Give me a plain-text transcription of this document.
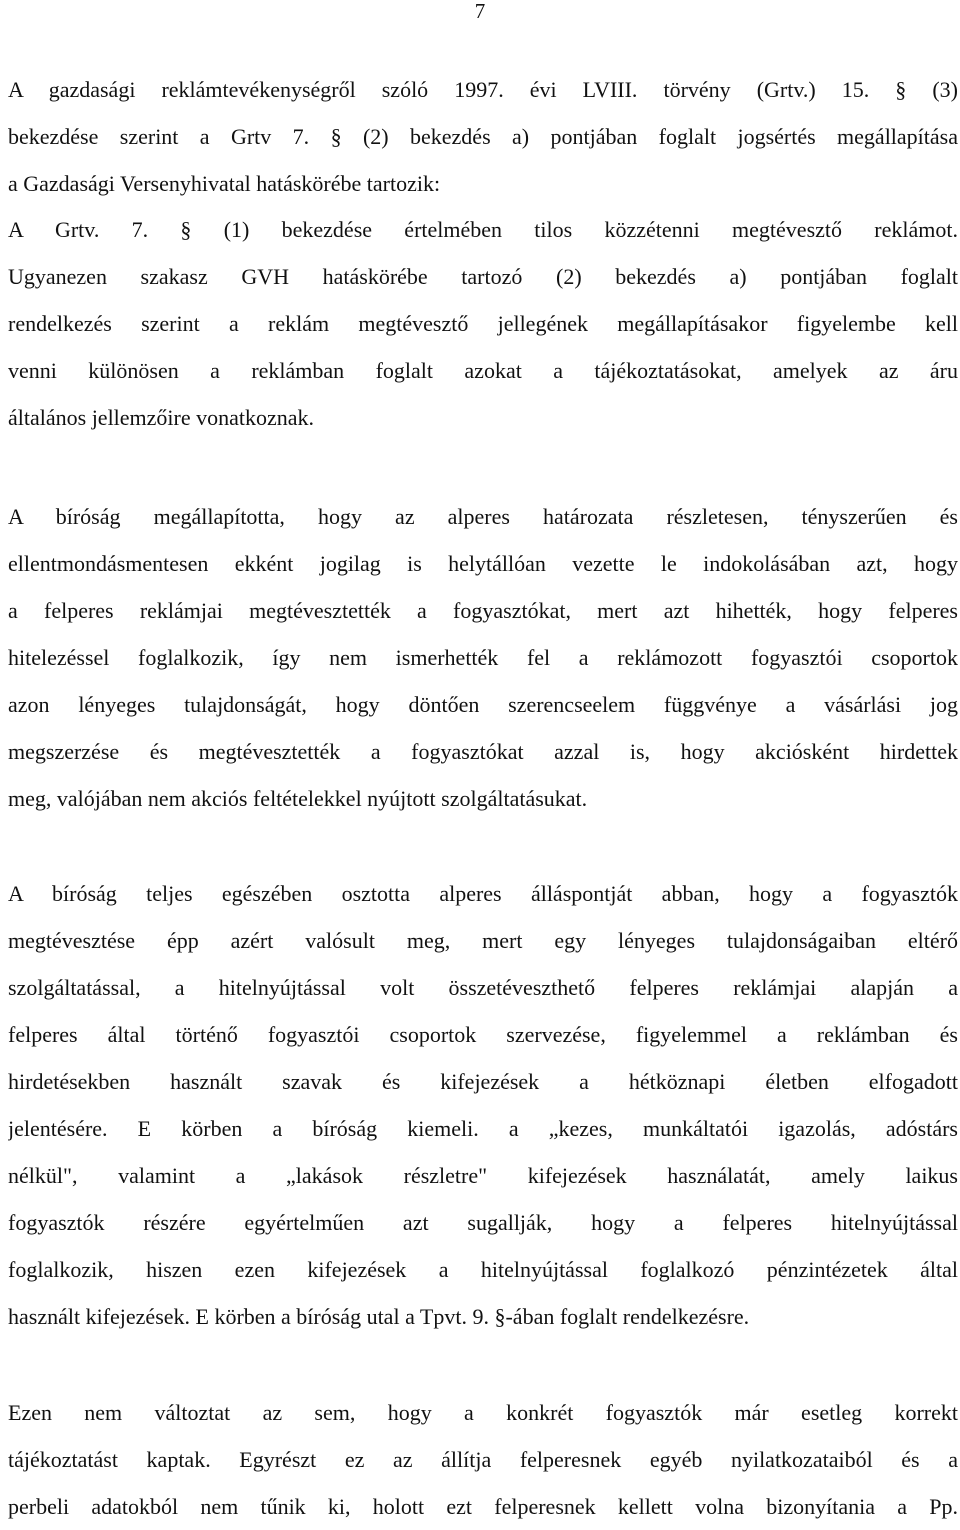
7
A gazdasági reklámtevékenységről szóló 1997. évi LVIII. törvény (Grtv.) 15. § (3)
bekezdése szerint a Grtv 7. § (2) bekezdés a) pontjában foglalt jogsértés megállapítása
a Gazdasági Versenyhivatal hatáskörébe tartozik:
A Grtv. 7. § (1) bekezdése értelmében tilos közzétenni megtévesztő reklámot.
Ugyanezen szakasz GVH hatáskörébe tartozó (2) bekezdés a) pontjában foglalt
rendelkezés szerint a reklám megtévesztő jellegének megállapításakor figyelembe kell
venni különösen a reklámban foglalt azokat a tájékoztatásokat, amelyek az áru
általános jellemzőire vonatkoznak.
A bíróság megállapította, hogy az alperes határozata részletesen, tényszerűen és
ellentmondásmentesen ekként jogilag is helytállóan vezette le indokolásában azt, hogy
a felperes reklámjai megtévesztették a fogyasztókat, mert azt hihették, hogy felperes
hitelezéssel foglalkozik, így nem ismerhették fel a reklámozott fogyasztói csoportok
azon lényeges tulajdonságát, hogy döntően szerencseelem függvénye a vásárlási jog
megszerzése és megtévesztették a fogyasztókat azzal is, hogy akciósként hirdettek
meg, valójában nem akciós feltételekkel nyújtott szolgáltatásukat.
A bíróság teljes egészében osztotta alperes álláspontját abban, hogy a fogyasztók
megtévesztése épp azért valósult meg, mert egy lényeges tulajdonságaiban eltérő
szolgáltatással, a hitelnyújtással volt összetéveszthető felperes reklámjai alapján a
felperes által történő fogyasztói csoportok szervezése, figyelemmel a reklámban és
hirdetésekben használt szavak és kifejezések a hétköznapi életben elfogadott
jelentésére. E körben a bíróság kiemeli. a „kezes, munkáltatói igazolás, adóstárs
nélkül", valamint a „lakások részletre" kifejezések használatát, amely laikus
fogyasztók részére egyértelműen azt sugallják, hogy a felperes hitelnyújtással
foglalkozik, hiszen ezen kifejezések a hitelnyújtással foglalkozó pénzintézetek által
használt kifejezések. E körben a bíróság utal a Tpvt. 9. §-ában foglalt rendelkezésre.
Ezen nem változtat az sem, hogy a konkrét fogyasztók már esetleg korrekt
tájékoztatást kaptak. Egyrészt ez az állítja felperesnek egyéb nyilatkozataiból és a
perbeli adatokból nem tűnik ki, holott ezt felperesnek kellett volna bizonyítania a Pp.
